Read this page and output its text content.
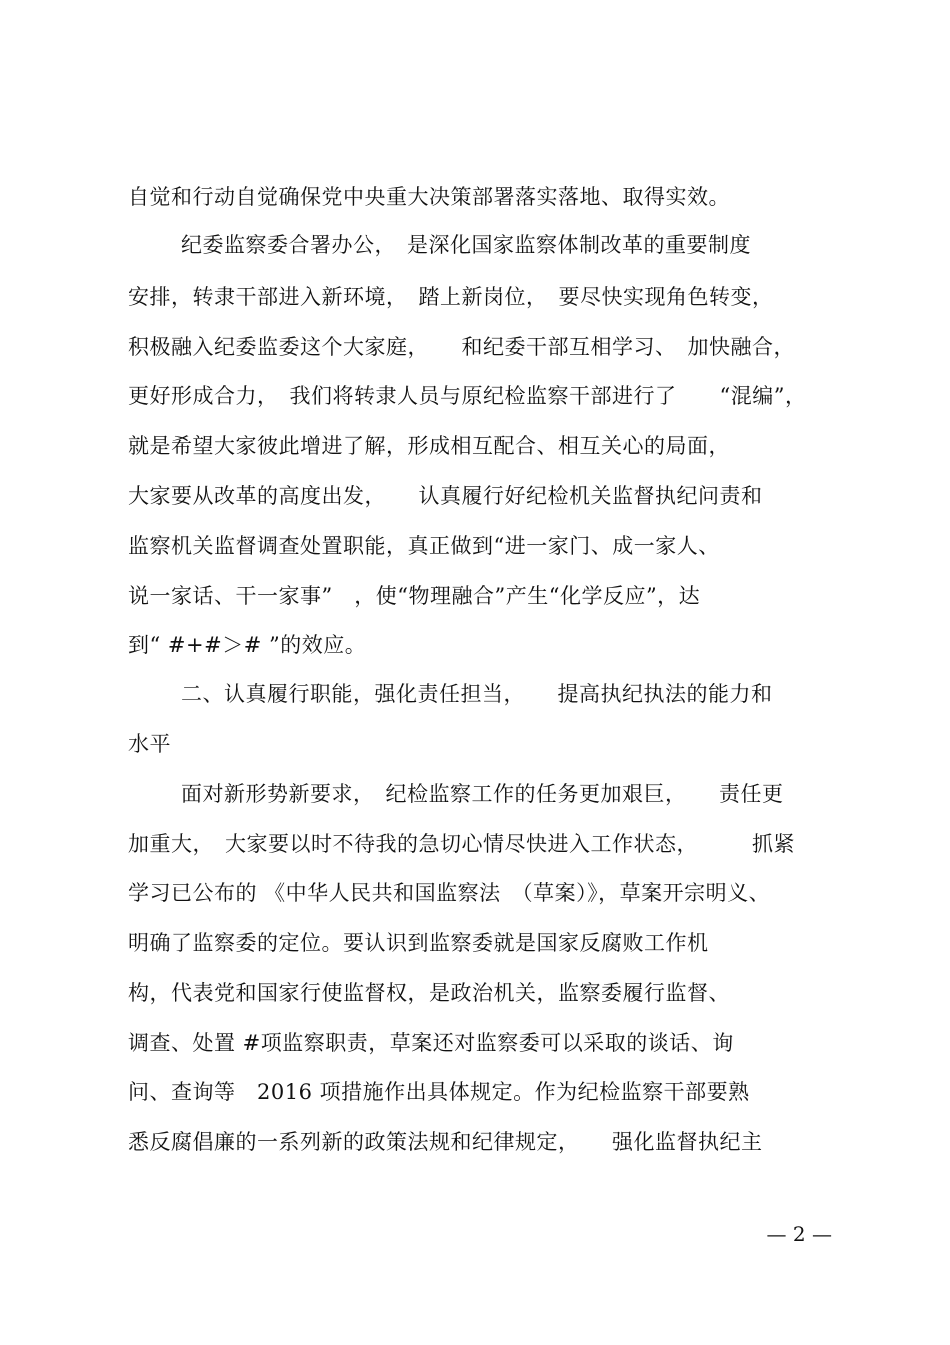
自觉和行动自觉确保党中央重大决策部署落实落地、取得实效。
纪委监察委合署办公，　是深化国家监察体制改革的重要制度
安排，转隶干部进入新环境，　踏上新岗位，　要尽快实现角色转变，
积极融入纪委监委这个大家庭，　　和纪委干部互相学习、　加快融合，
更好形成合力，　我们将转隶人员与原纪检监察干部进行了　　“混编”，
就是希望大家彼此增进了解，形成相互配合、相互关心的局面，
大家要从改革的高度出发，　　认真履行好纪检机关监督执纪问责和
监察机关监督调查处置职能，真正做到“进一家门、成一家人、
说一家话、干一家事”　，使“物理融合”产生“化学反应”，达
到“ #+#＞# ”的效应。
二、认真履行职能，强化责任担当，　　提高执纪执法的能力和
水平
面对新形势新要求，　纪检监察工作的任务更加艰巨，　　责任更
加重大，　大家要以时不待我的急切心情尽快进入工作状态，　　　抓紧
学习已公布的 《中华人民共和国监察法　（草案）》，草案开宗明义、
明确了监察委的定位。要认识到监察委就是国家反腐败工作机
构，代表党和国家行使监督权，是政治机关，监察委履行监督、
调查、处置 #项监察职责，草案还对监察委可以采取的谈话、询
问、查询等　2016 项措施作出具体规定。作为纪检监察干部要熟
悉反腐倡廉的一系列新的政策法规和纪律规定，　　强化监督执纪主
— 2 —
